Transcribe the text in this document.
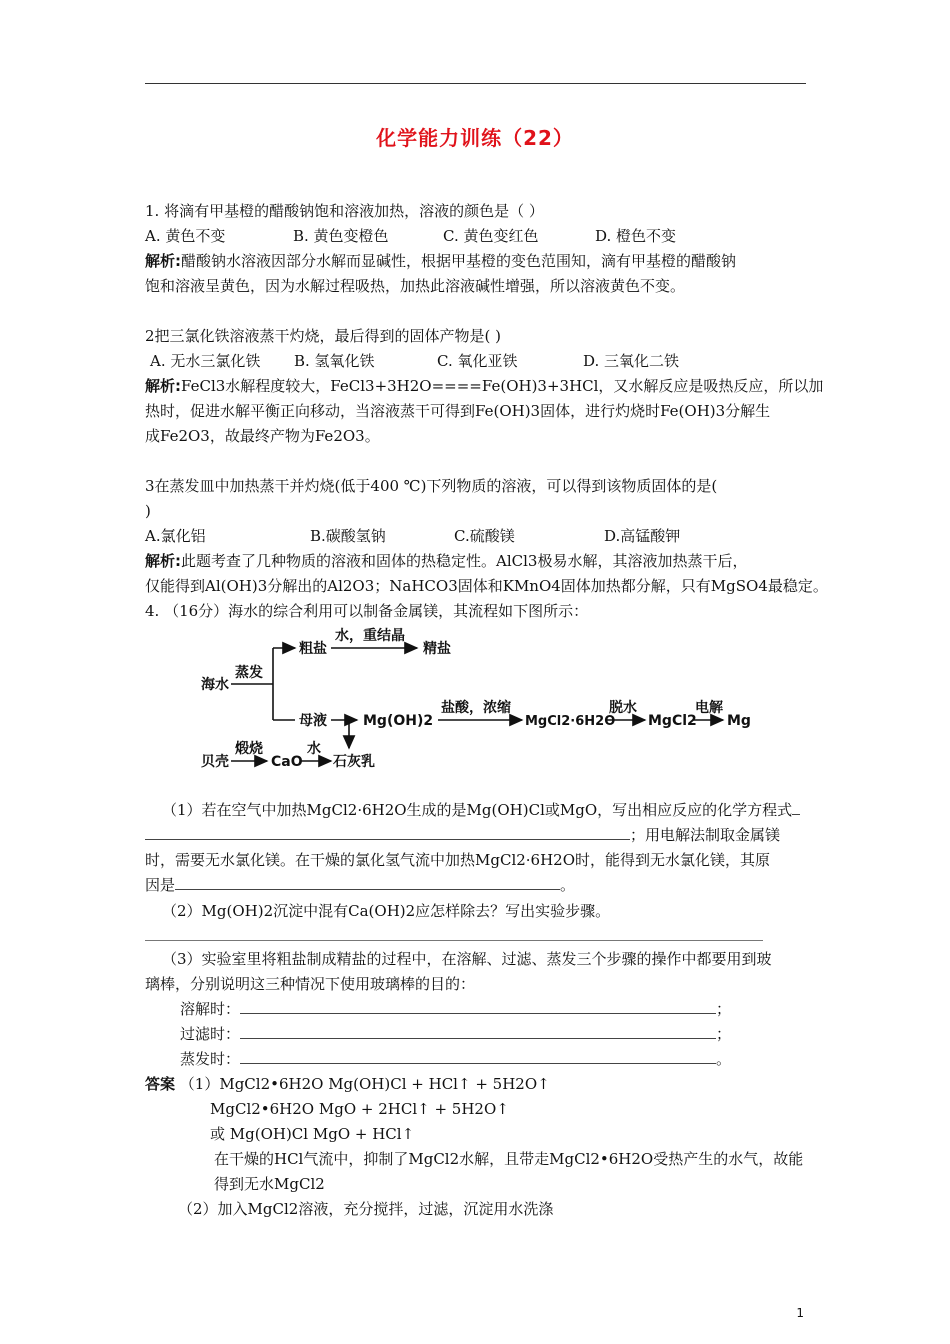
化学能力训练（22）
1. 将滴有甲基橙的醋酸钠饱和溶液加热，溶液的颜色是（ ）
A. 黄色不变	B. 黄色变橙色	C. 黄色变红色	D. 橙色不变
解析:醋酸钠水溶液因部分水解而显碱性，根据甲基橙的变色范围知，滴有甲基橙的醋酸钠
饱和溶液呈黄色，因为水解过程吸热，加热此溶液碱性增强，所以溶液黄色不变。
2把三氯化铁溶液蒸干灼烧，最后得到的固体产物是( )
A. 无水三氯化铁 B. 氢氧化铁	C. 氧化亚铁	D. 三氧化二铁
解析:FeCl3水解程度较大，FeCl3+3H2O====Fe(OH)3+3HCl，又水解反应是吸热反应，所以加
热时，促进水解平衡正向移动，当溶液蒸干可得到Fe(OH)3固体，进行灼烧时Fe(OH)3分解生
成Fe2O3，故最终产物为Fe2O3。
3在蒸发皿中加热蒸干并灼烧(低于400 ℃)下列物质的溶液，可以得到该物质固体的是(
)
A.氯化铝	B.碳酸氢钠	C.硫酸镁	D.高锰酸钾
解析:此题考查了几种物质的溶液和固体的热稳定性。AlCl3极易水解，其溶液加热蒸干后，
仅能得到Al(OH)3分解出的Al2O3；NaHCO3固体和KMnO4固体加热都分解，只有MgSO4最稳定。
4. （16分）海水的综合利用可以制备金属镁，其流程如下图所示：
海水
蒸发
粗盐
水，重结晶
精盐
母液	Mg(OH)2
盐酸，浓缩
MgCl2·6H2O
脱水
MgCl2
电解
Mg
贝壳
煅烧
CaO
水
石灰乳
（1）若在空气中加热MgCl2·6H2O生成的是Mg(OH)Cl或MgO，写出相应反应的化学方程式
；用电解法制取金属镁
时，需要无水氯化镁。在干燥的氯化氢气流中加热MgCl2·6H2O时，能得到无水氯化镁，其原
因是	。
（2）Mg(OH)2沉淀中混有Ca(OH)2应怎样除去？写出实验步骤。
（3）实验室里将粗盐制成精盐的过程中，在溶解、过滤、蒸发三个步骤的操作中都要用到玻
璃棒，分别说明这三种情况下使用玻璃棒的目的：
溶解时：	；
过滤时：	；
蒸发时：	。
答案 （1）MgCl2•6H2O Mg(OH)Cl + HCl↑ + 5H2O↑
MgCl2•6H2O MgO + 2HCl↑ + 5H2O↑
或 Mg(OH)Cl MgO + HCl↑
在干燥的HCl气流中，抑制了MgCl2水解，且带走MgCl2•6H2O受热产生的水气，故能
得到无水MgCl2
（2）加入MgCl2溶液，充分搅拌，过滤，沉淀用水洗涤
1
